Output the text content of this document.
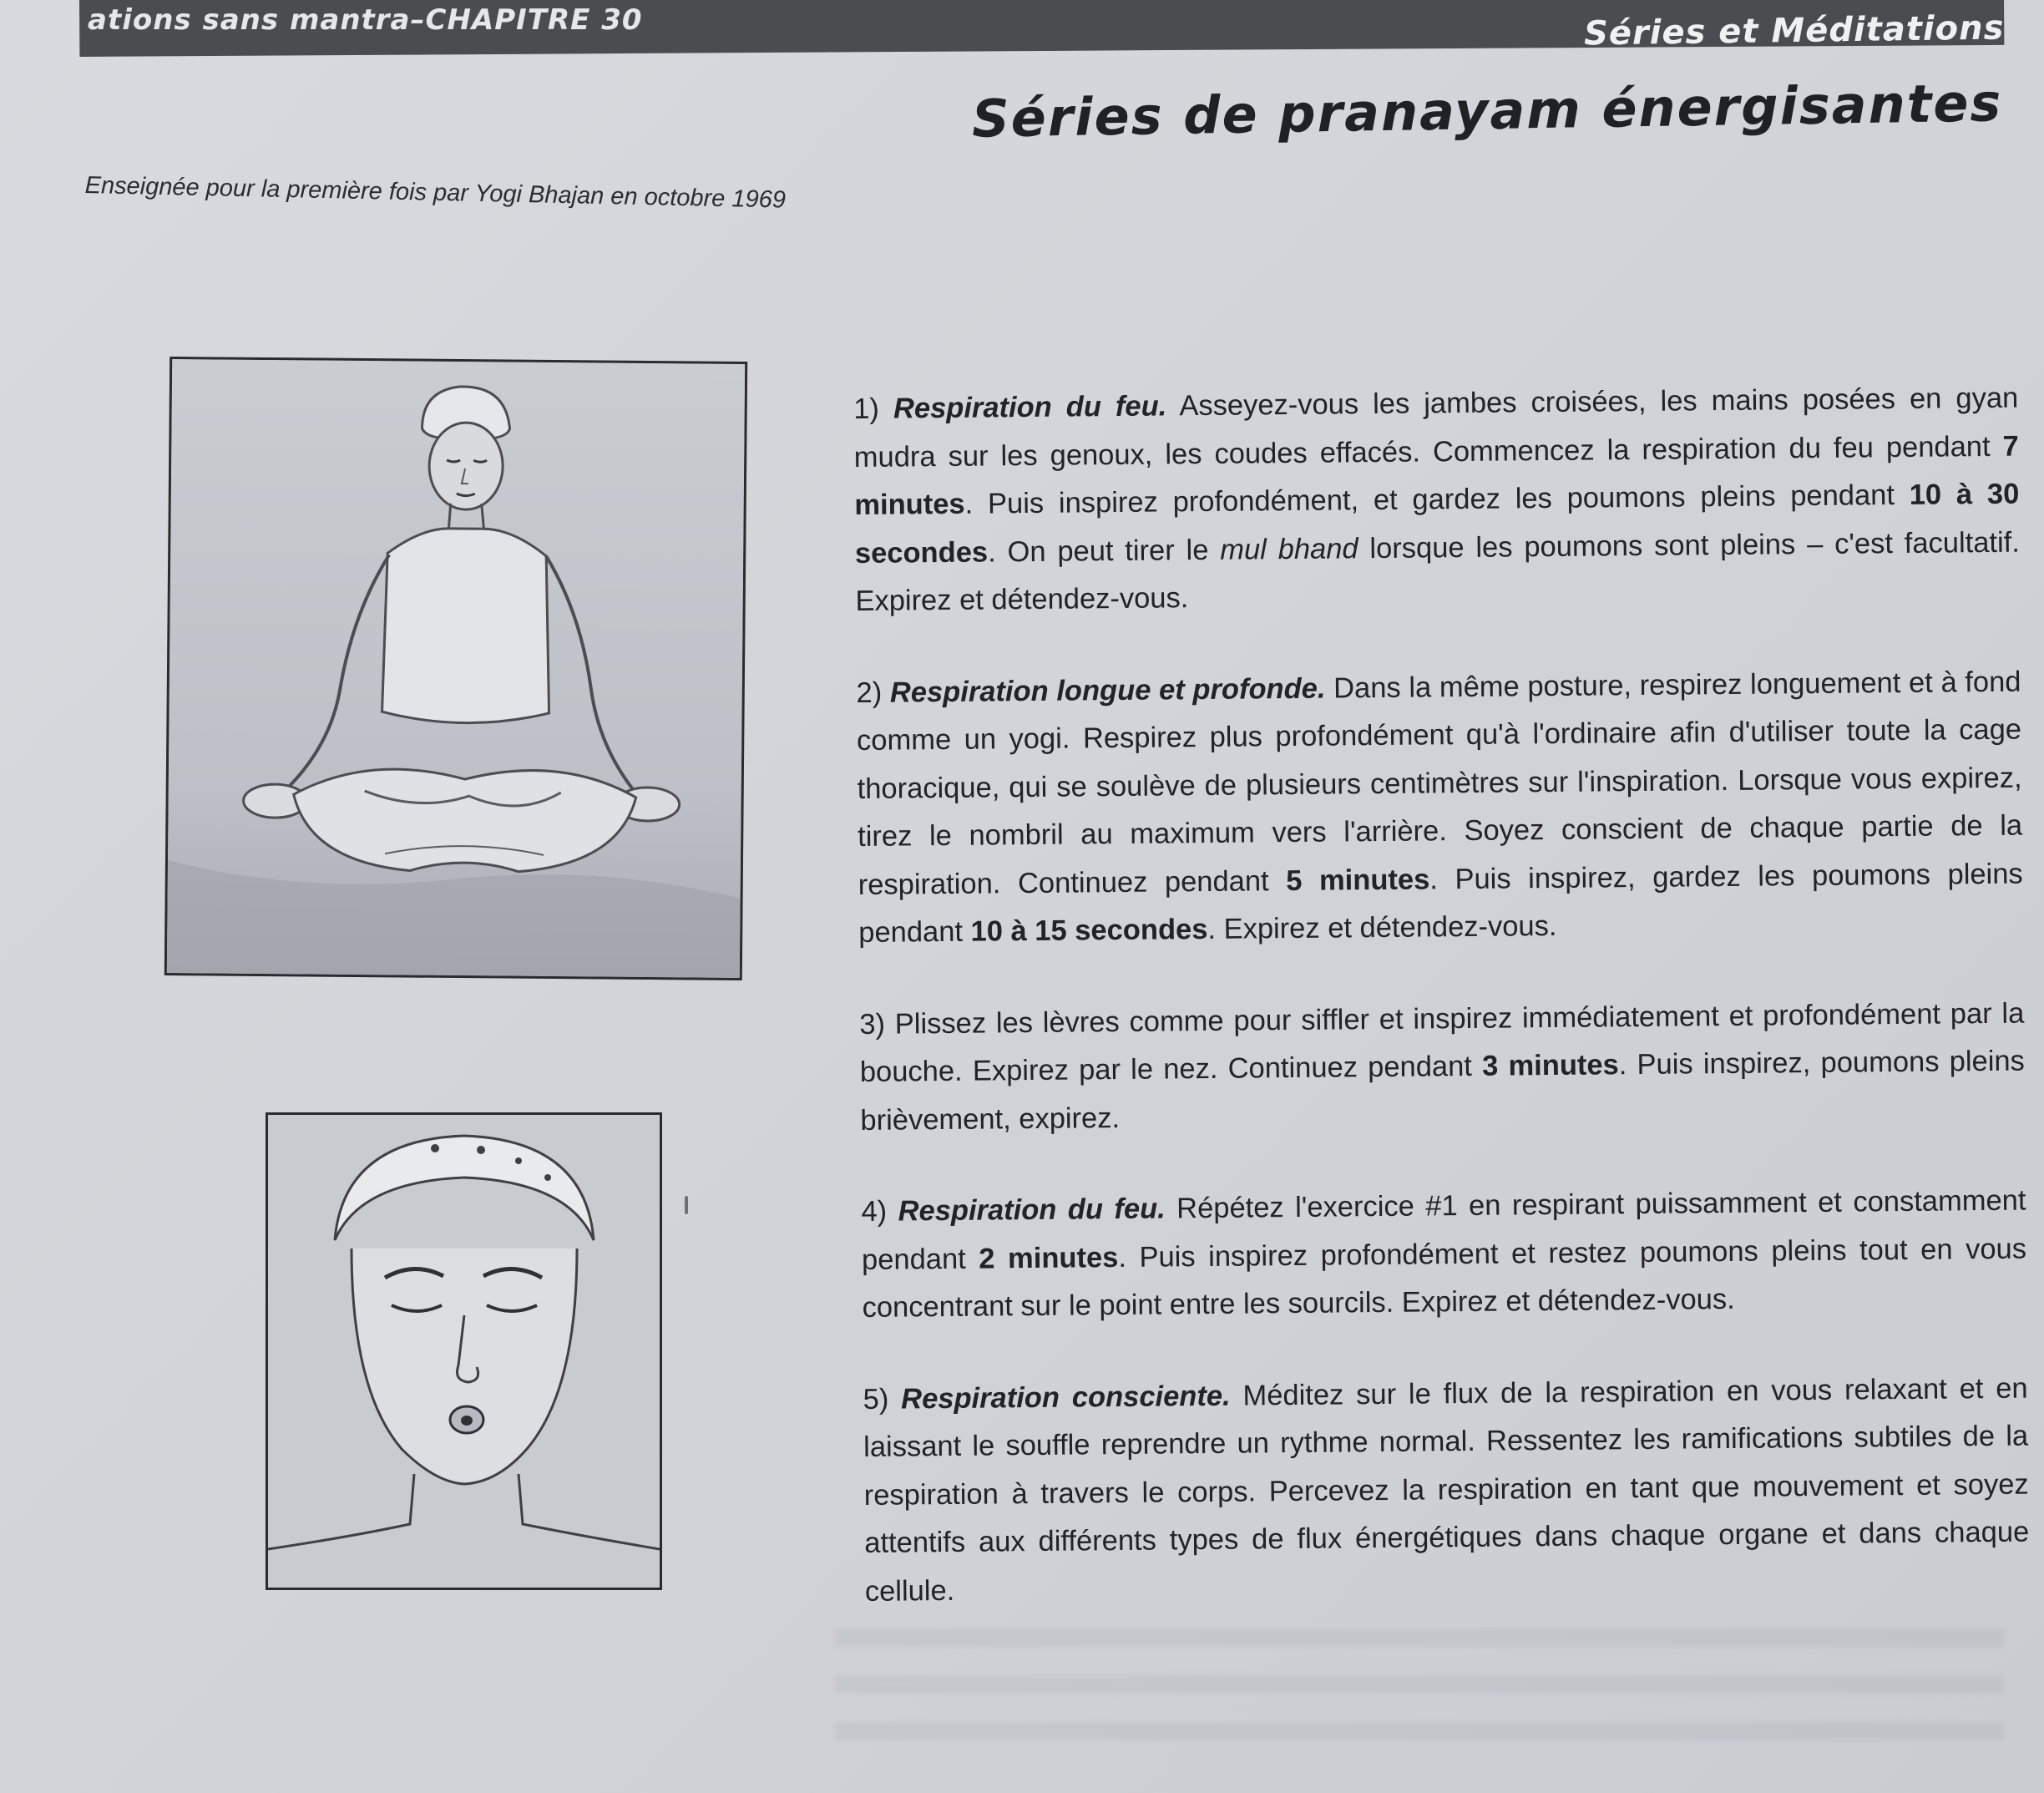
ations sans mantra–CHAPITRE 30	Séries et Méditations
Séries de pranayam énergisantes
Enseignée pour la première fois par Yogi Bhajan en octobre 1969

1) Respiration du feu. Asseyez-vous les jambes croisées, les mains posées en gyan mudra sur les genoux, les coudes effacés. Commencez la respiration du feu pendant 7 minutes. Puis inspirez profondément, et gardez les poumons pleins pendant 10 à 30 secondes. On peut tirer le mul bhand lorsque les poumons sont pleins – c'est facultatif. Expirez et détendez-vous.

2) Respiration longue et profonde. Dans la même posture, respirez longuement et à fond comme un yogi. Respirez plus profondément qu'à l'ordinaire afin d'utiliser toute la cage thoracique, qui se soulève de plusieurs centimètres sur l'inspiration. Lorsque vous expirez, tirez le nombril au maximum vers l'arrière. Soyez conscient de chaque partie de la respiration. Continuez pendant 5 minutes. Puis inspirez, gardez les poumons pleins pendant 10 à 15 secondes. Expirez et détendez-vous.

3) Plissez les lèvres comme pour siffler et inspirez immédiatement et profondément par la bouche. Expirez par le nez. Continuez pendant 3 minutes. Puis inspirez, poumons pleins brièvement, expirez.

4) Respiration du feu. Répétez l'exercice #1 en respirant puissamment et constamment pendant 2 minutes. Puis inspirez profondément et restez poumons pleins tout en vous concentrant sur le point entre les sourcils. Expirez et détendez-vous.

5) Respiration consciente. Méditez sur le flux de la respiration en vous relaxant et en laissant le souffle reprendre un rythme normal. Ressentez les ramifications subtiles de la respiration à travers le corps. Percevez la respiration en tant que mouvement et soyez attentifs aux différents types de flux énergétiques dans chaque organe et dans chaque cellule.
